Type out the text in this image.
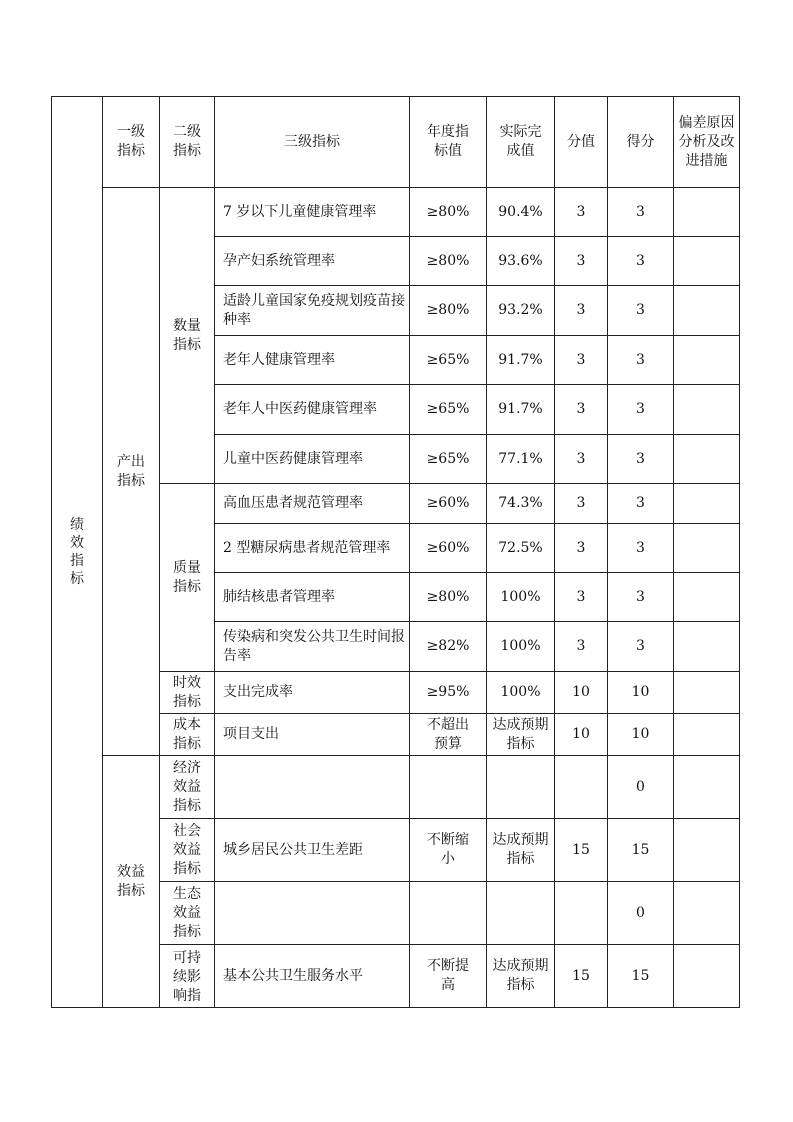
绩效指标	一级指标	二级指标	三级指标	年度指标值	实际完成值	分值	得分	偏差原因分析及改进措施
	产出指标	数量指标	7 岁以下儿童健康管理率	≥80%	90.4%	3	3	
			孕产妇系统管理率	≥80%	93.6%	3	3	
			适龄儿童国家免疫规划疫苗接种率	≥80%	93.2%	3	3	
			老年人健康管理率	≥65%	91.7%	3	3	
			老年人中医药健康管理率	≥65%	91.7%	3	3	
			儿童中医药健康管理率	≥65%	77.1%	3	3	
		质量指标	高血压患者规范管理率	≥60%	74.3%	3	3	
			2 型糖尿病患者规范管理率	≥60%	72.5%	3	3	
			肺结核患者管理率	≥80%	100%	3	3	
			传染病和突发公共卫生时间报告率	≥82%	100%	3	3	
		时效指标	支出完成率	≥95%	100%	10	10	
		成本指标	项目支出	不超出预算	达成预期指标	10	10	
	效益指标	经济效益指标					0	
		社会效益指标	城乡居民公共卫生差距	不断缩小	达成预期指标	15	15	
		生态效益指标					0	
		可持续影响指	基本公共卫生服务水平	不断提高	达成预期指标	15	15	
